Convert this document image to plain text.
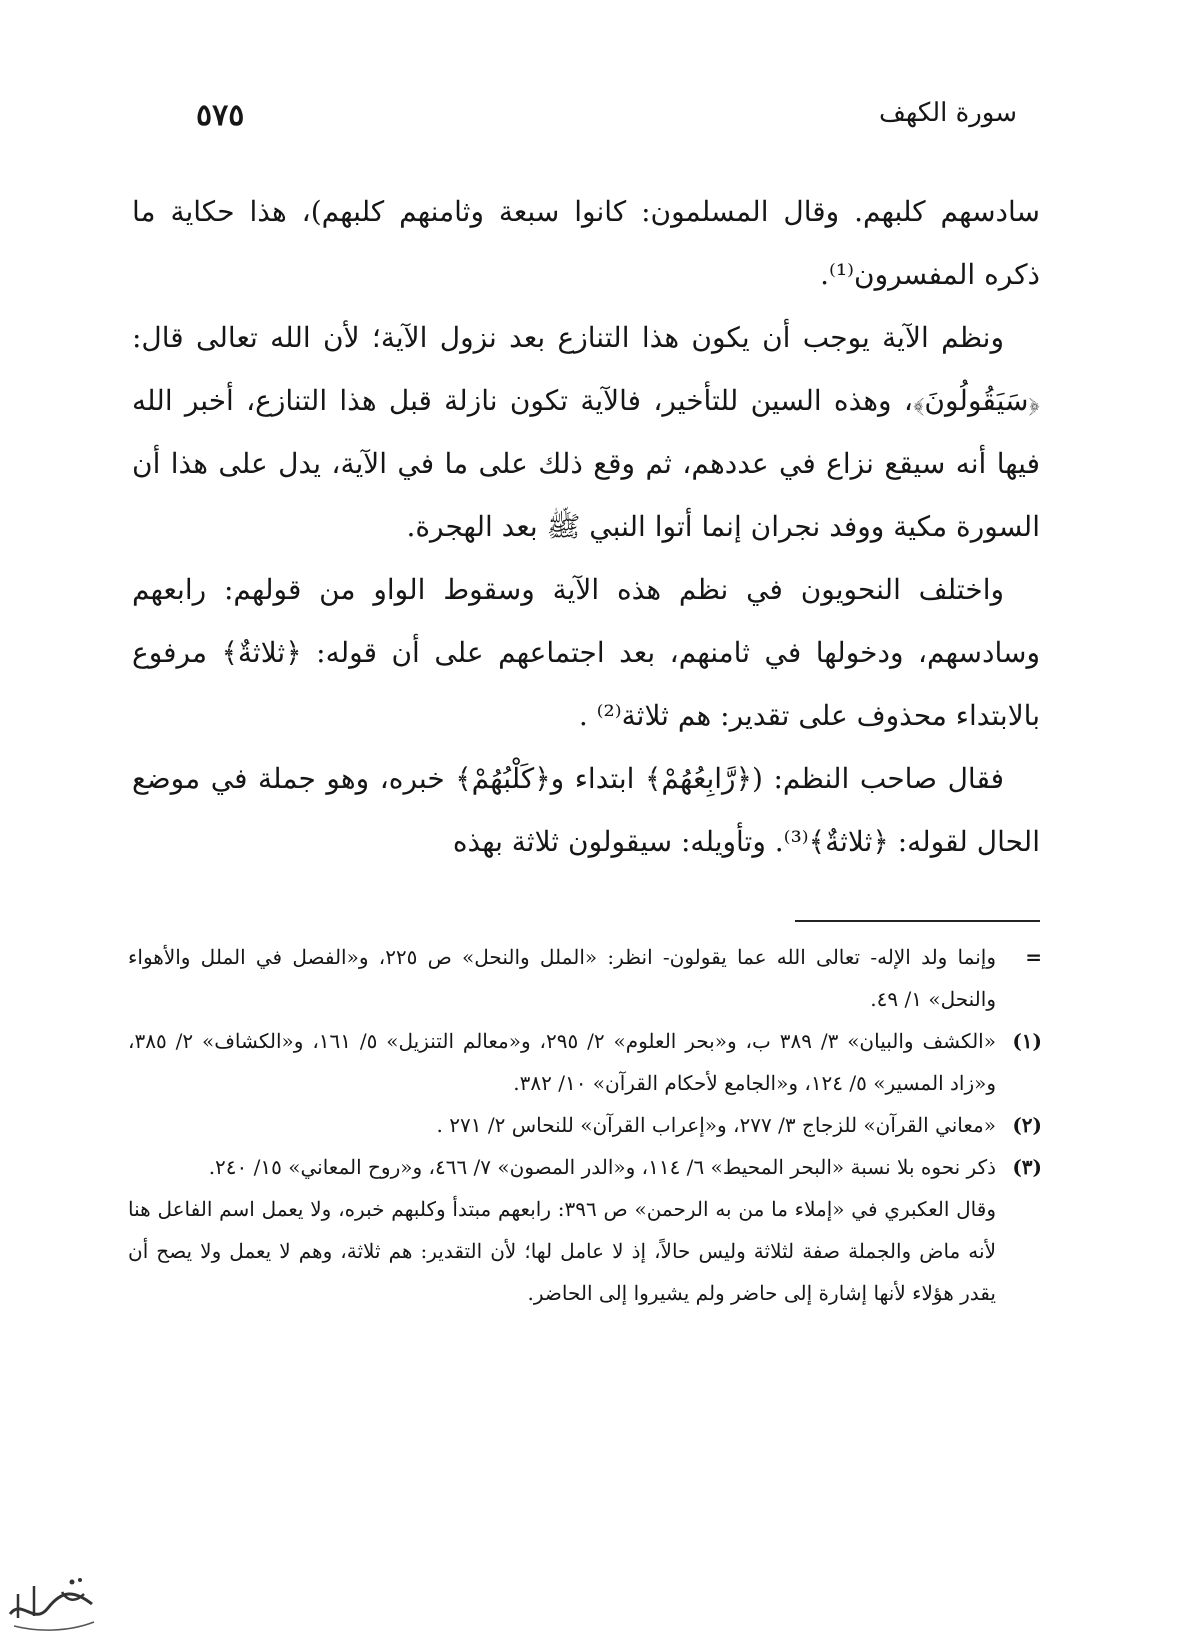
سورة الكهف
٥٧٥

سادسهم كلبهم. وقال المسلمون: كانوا سبعة وثامنهم كلبهم)، هذا حكاية ما ذكره المفسرون⁽¹⁾.

ونظم الآية يوجب أن يكون هذا التنازع بعد نزول الآية؛ لأن الله تعالى قال: ﴿سَيَقُولُونَ﴾، وهذه السين للتأخير، فالآية تكون نازلة قبل هذا التنازع، أخبر الله فيها أنه سيقع نزاع في عددهم، ثم وقع ذلك على ما في الآية، يدل على هذا أن السورة مكية ووفد نجران إنما أتوا النبي ﷺ بعد الهجرة.

واختلف النحويون في نظم هذه الآية وسقوط الواو من قولهم: رابعهم وسادسهم، ودخولها في ثامنهم، بعد اجتماعهم على أن قوله: ﴿ثلاثةٌ﴾ مرفوع بالابتداء محذوف على تقدير: هم ثلاثة⁽²⁾ .

فقال صاحب النظم: (﴿رَّابِعُهُمْ﴾ ابتداء و﴿كَلْبُهُمْ﴾ خبره، وهو جملة في موضع الحال لقوله: ﴿ثلاثةٌ﴾⁽³⁾. وتأويله: سيقولون ثلاثة بهذه

=
وإنما ولد الإله- تعالى الله عما يقولون- انظر: «الملل والنحل» ص ٢٢٥، و«الفصل في الملل والأهواء والنحل» ١/ ٤٩.
(١)
«الكشف والبيان» ٣/ ٣٨٩ ب، و«بحر العلوم» ٢/ ٢٩٥، و«معالم التنزيل» ٥/ ١٦١، و«الكشاف» ٢/ ٣٨٥، و«زاد المسير» ٥/ ١٢٤، و«الجامع لأحكام القرآن» ١٠/ ٣٨٢.
(٢)
«معاني القرآن» للزجاج ٣/ ٢٧٧، و«إعراب القرآن» للنحاس ٢/ ٢٧١ .
(٣)
ذكر نحوه بلا نسبة «البحر المحيط» ٦/ ١١٤، و«الدر المصون» ٧/ ٤٦٦، و«روح المعاني» ١٥/ ٢٤٠.
وقال العكبري في «إملاء ما من به الرحمن» ص ٣٩٦: رابعهم مبتدأ وكلبهم خبره، ولا يعمل اسم الفاعل هنا لأنه ماض والجملة صفة لثلاثة وليس حالاً، إذ لا عامل لها؛ لأن التقدير: هم ثلاثة، وهم لا يعمل ولا يصح أن يقدر هؤلاء لأنها إشارة إلى حاضر ولم يشيروا إلى الحاضر.
